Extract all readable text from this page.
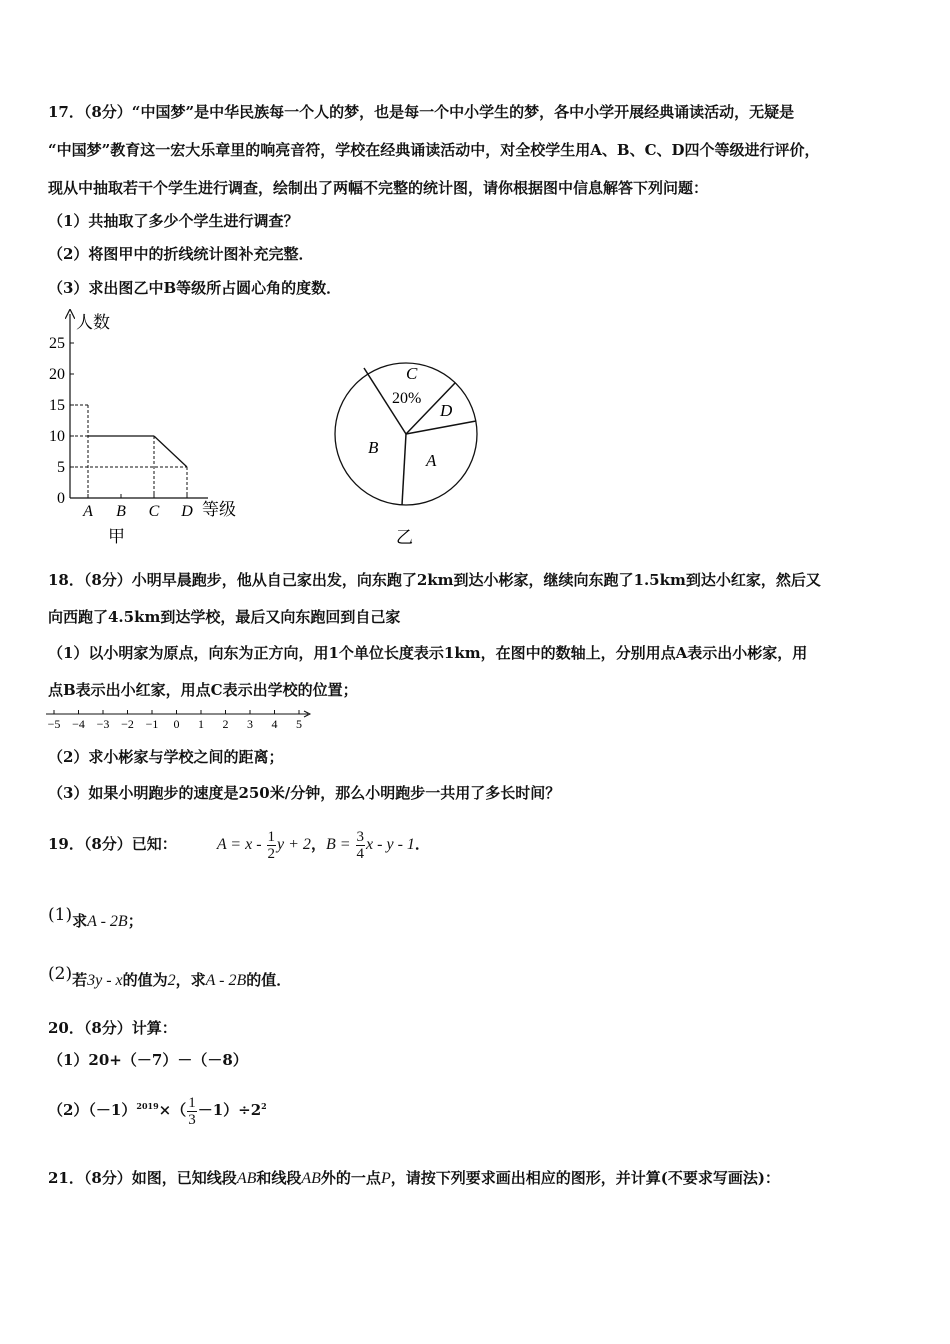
17．（8分）“中国梦”是中华民族每一个人的梦，也是每一个中小学生的梦，各中小学开展经典诵读活动，无疑是
“中国梦”教育这一宏大乐章里的响亮音符，学校在经典诵读活动中，对全校学生用A、B、C、D四个等级进行评价，
现从中抽取若干个学生进行调查，绘制出了两幅不完整的统计图，请你根据图中信息解答下列问题：
（1）共抽取了多少个学生进行调查？
（2）将图甲中的折线统计图补充完整．
（3）求出图乙中B等级所占圆心角的度数．
人数
等级
0
5
10
15
20
25
A B C D
甲
C
20%
D
B
A
乙
18．（8分）小明早晨跑步，他从自己家出发，向东跑了2km到达小彬家，继续向东跑了1.5km到达小红家，然后又
向西跑了4.5km到达学校，最后又向东跑回到自己家
（1）以小明家为原点，向东为正方向，用1个单位长度表示1km，在图中的数轴上，分别用点A表示出小彬家，用
点B表示出小红家，用点C表示出学校的位置；
−5 −4 −3 −2 −1 0 1 2 3 4 5
（2）求小彬家与学校之间的距离；
（3）如果小明跑步的速度是250米/分钟，那么小明跑步一共用了多长时间？
19．（8分）已知：	$A = x - \frac{1}{2}$ y + 2，$B = \frac{3}{4}$ x - y - 1．
(1)求A - 2B；
(2)若3y - x的值为2，求A - 2B的值．
20．（8分）计算：
（1）20+（－7）－（－8）
$(2)(-1)^{2019}\times( \frac{1}{3} -1)\div 2^2$
21．（8分）如图，已知线段AB和线段AB外的一点P，请按下列要求画出相应的图形，并计算(不要求写画法)：
